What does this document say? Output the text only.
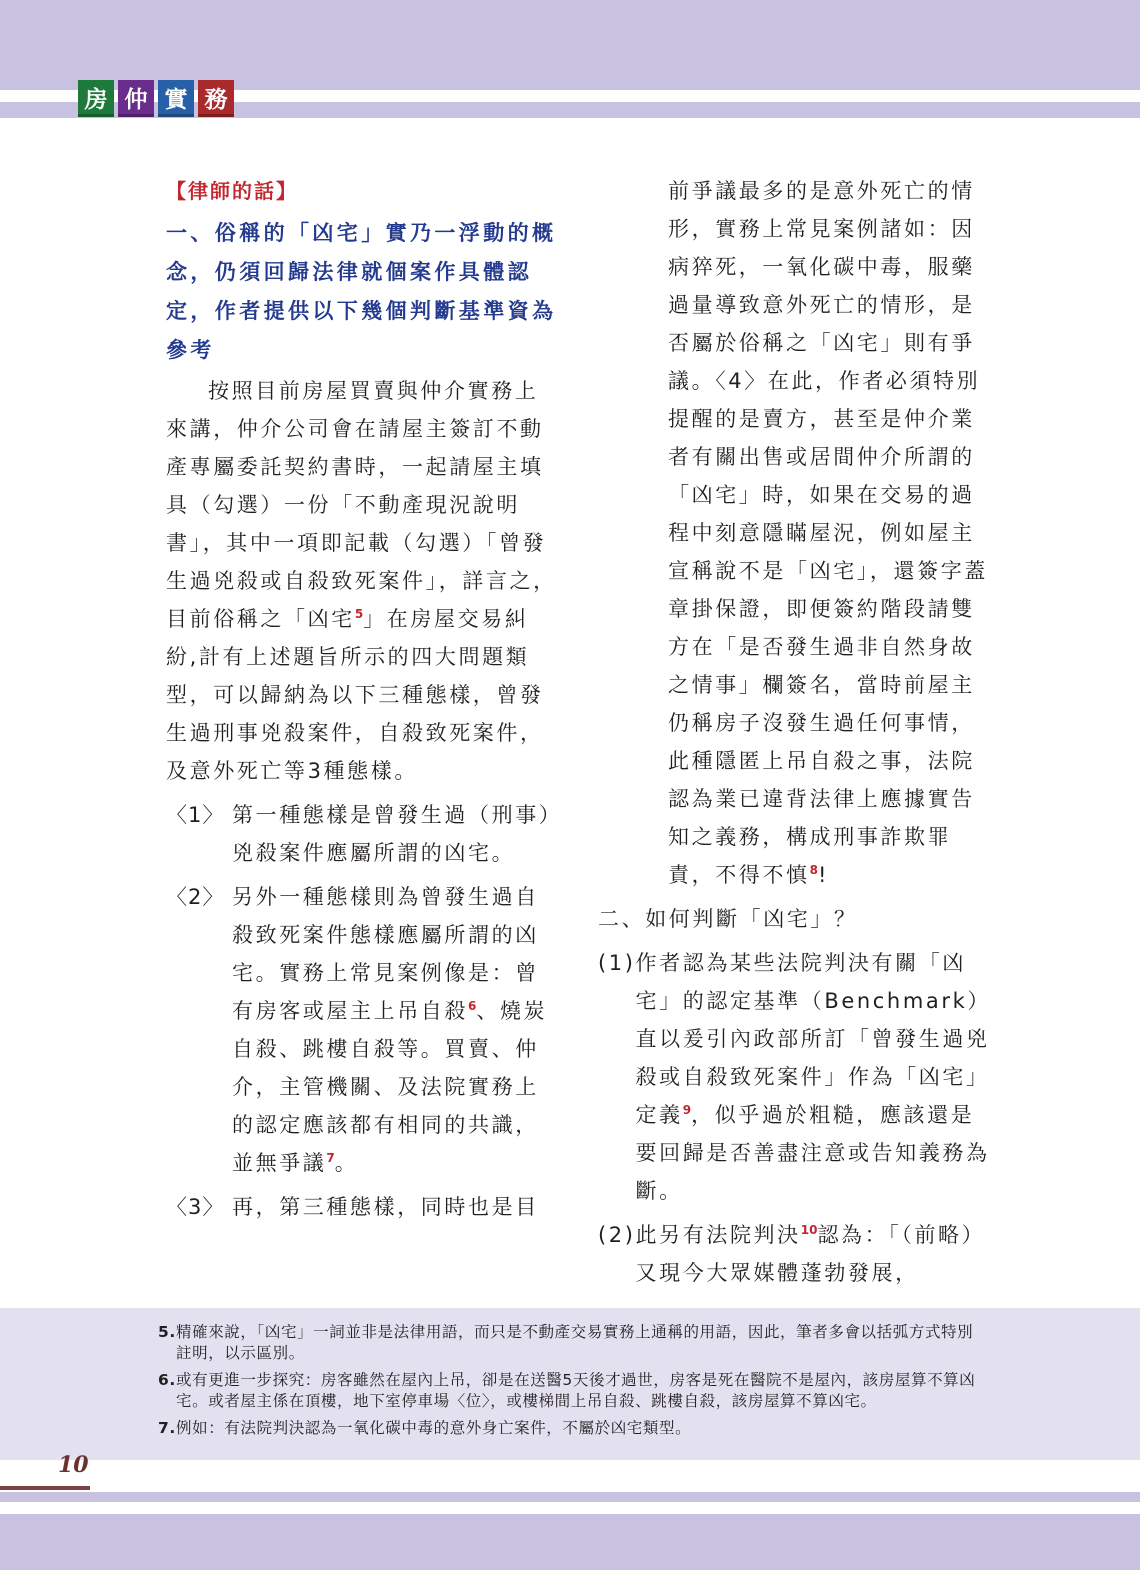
房 仲 實 務
【律師的話】
一、俗稱的「凶宅」實乃一浮動的概念，仍須回歸法律就個案作具體認定，作者提供以下幾個判斷基準資為參考
按照目前房屋買賣與仲介實務上來講，仲介公司會在請屋主簽訂不動產專屬委託契約書時，一起請屋主填具（勾選）一份「不動產現況說明書」，其中一項即記載（勾選）「曾發生過兇殺或自殺致死案件」，詳言之，目前俗稱之「凶宅$^5$」在房屋交易糾紛,計有上述題旨所示的四大問題類型，可以歸納為以下三種態樣，曾發生過刑事兇殺案件，自殺致死案件，及意外死亡等3種態樣。
〈1〉 第一種態樣是曾發生過（刑事）兇殺案件應屬所謂的凶宅。
〈2〉 另外一種態樣則為曾發生過自殺致死案件態樣應屬所謂的凶宅。實務上常見案例像是：曾有房客或屋主上吊自殺$^6$、燒炭自殺、跳樓自殺等。買賣、仲介，主管機關、及法院實務上的認定應該都有相同的共識，並無爭議$^7$。
〈3〉 再，第三種態樣，同時也是目
前爭議最多的是意外死亡的情形，實務上常見案例諸如：因病猝死，一氧化碳中毒，服藥過量導致意外死亡的情形，是否屬於俗稱之「凶宅」則有爭議。〈4〉在此，作者必須特別提醒的是賣方，甚至是仲介業者有關出售或居間仲介所謂的「凶宅」時，如果在交易的過程中刻意隱瞞屋況，例如屋主宣稱說不是「凶宅」，還簽字蓋章掛保證，即便簽約階段請雙方在「是否發生過非自然身故之情事」欄簽名，當時前屋主仍稱房子沒發生過任何事情，此種隱匿上吊自殺之事，法院認為業已違背法律上應據實告知之義務，構成刑事詐欺罪責，不得不慎$^8$!
二、如何判斷「凶宅」？
(1) 作者認為某些法院判決有關「凶宅」的認定基準（Benchmark）直以爰引內政部所訂「曾發生過兇殺或自殺致死案件」作為「凶宅」定義$^9$，似乎過於粗糙，應該還是要回歸是否善盡注意或告知義務為斷。
(2) 此另有法院判決$^{10}$認為：「（前略）又現今大眾媒體蓬勃發展，
5. 精確來說，「凶宅」一詞並非是法律用語，而只是不動產交易實務上通稱的用語，因此，筆者多會以括弧方式特別註明，以示區別。
6. 或有更進一步探究：房客雖然在屋內上吊，卻是在送醫5天後才過世，房客是死在醫院不是屋內，該房屋算不算凶宅。或者屋主係在頂樓，地下室停車場〈位〉，或樓梯間上吊自殺、跳樓自殺，該房屋算不算凶宅。
7. 例如：有法院判決認為一氧化碳中毒的意外身亡案件，不屬於凶宅類型。
10
